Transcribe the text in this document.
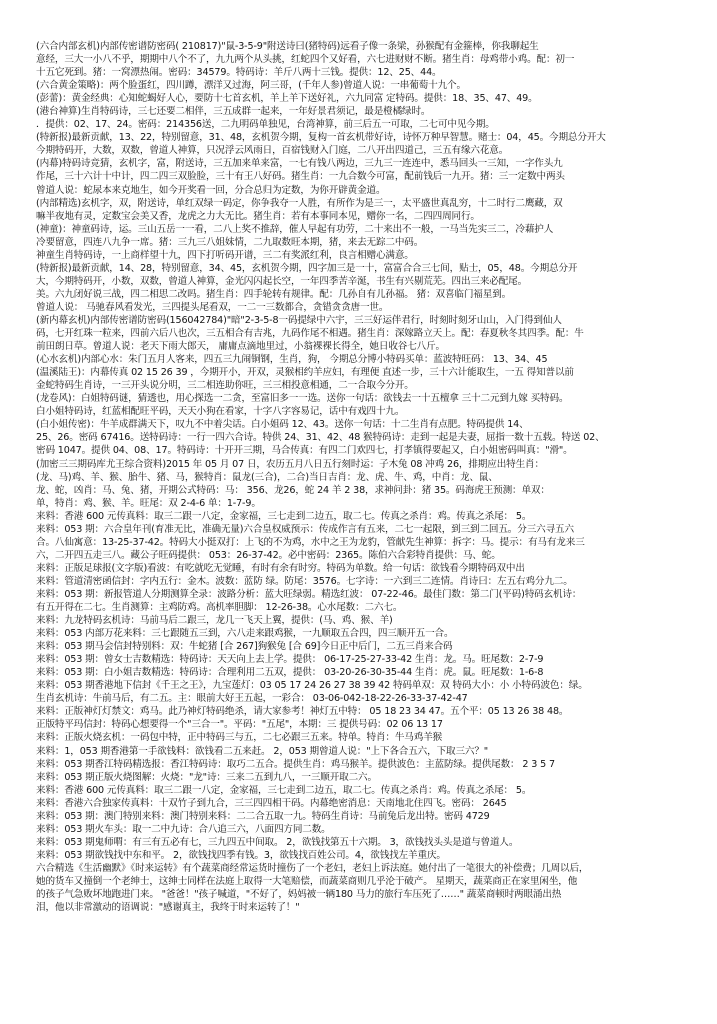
(六合内部玄机)内部传密谱防密码( 210817)"鼠-3-5-9"附送诗曰(猪特码)远看子像一条梁，孙猴配有金箍棒，你我聊起生
意经，三大一小八不乎，期期中八个不了，九九两个从头挑，红蛇四个又好看，六七进财财不断。猪生肖：母鸡带小鸡。配：初一
十五它死到。猪：一窝漂热闹。密码：34579。特码诗：羊斤八两十三钱。提供：12、25、44。
(六合黄金策略)：两个脸蛋红，四川蹲，漂洋又过海，阿三哥，(千年人参)曾道人说：一串葡萄十九个。
(彭蕾)：黄金经典：心知蛇蝎好人心，要防十七首玄机，羊上羊下送好礼，六九同富 定特码。提供：18、35、47、49。
(港台神算)生肖特码诗，三七还要二相伴，三五成群一起来，一年好景君须记，最是橙橘绿时。
．提供：02、17、24。密码：214356送，二九明码单独见，台湾神算，前三后五一可取，二七可中见今期。
(特新报)最新贡献，13、22，特别留意，31、48，玄机贺今期，复构一首玄机带好诗，诗怀万种早智慧。赌士：04，45。今期总分开大
今期特码开，大数，双数，曾道人神算，只况浮云风雨日，百宿钱财入门庭，二八开出四道己，三五有缘六花意。
(内幕)特码诗竞猜，玄机字，富，附送诗，三五加来单来富，一七有钱八两边，三九三一连连中，悉马回头一三知，一字作头九
作尾，三十六计十中计，四二四三双脸脸，三十有王八好码。猪生肖：一九合数今可富，配前钱后一九开。猪：三一定数中两头
曾道人说：蛇尿本来克地生，如今开奖看一回，分合总归为定数，为你开辟黄金道。
(内部精选)玄机字，双，附送诗，单红双绿一码定，你争我夺一人胜，有所作为是三一，太平盛世真乱穷，十二时行二鹰藏，双
嘛半夜地有灵，定数宝会美又香，龙虎之力大无比。猪生肖：若有本事同本见，赠你一名，二四四周同行。
(神童)：神童码诗，运。三山五岳一一看，二八上奖不推辞，催人早起有功劳，二十来出不一般，一马当先实三二，冷藉护人
冷要留意，四连八九争一席。猪：三九三八姐妹情，二九取数旺本期，猪，来去无踪二中码。
神童生肖特码诗，一上商样望十九，四下打听码开谱，三二有奖派红利，良言相赠心满意。
(特新报)最新贡献，14、28，特别留意，34、45，玄机贺今期，四字加三是一十，富富合合三七间，贴士，05，48。今期总分开
大，今期特码开，小数，双数，曾道人神算，金光闪闪起长空，一年四季苦辛涎，书生有兴剔荒芜。四出三来必配尾。
美。六九闭好说三战，四二相思二改吗。猪生肖：四手轮转有规律。配：几孙自有儿孙福。 猪：双喜临门福星到。
曾道人说： 马驰春风看发光，三四提头尾看双，一二一三数都合，贪错贪贪唐一世。
(新内幕玄机)内部传密谱防密码(156042784)"暗"2-3-5-8一码提绿中六宇，三三好运伴君行，时刻时刻牙山山，入门得到仙人
码，七开红珠一粒来，四前六后八也次，三五相合有吉兆，九码作尾不相遇。猪生肖：深嫁路立天上。配：春夏秋冬其四季。配：牛
前田朗日草。曾道人说：老天下雨大郎天， 庸庸点滴地里过，小翁裸裸长得全，她日收谷七八斤。
(心水玄机)内部心水：朱门五月人客来，四五三九闹铜钢，生肖，狗， 今期总分博小特码买单：蓝波特旺码： 13、34、45
(温溪陆王)：内幕传真 02 15 26 39 ，今期开小，开双，灵猴相约羊应妇，有理便 直述一步，三十六计能取生，一五 得知普以前
金蛇特码生肖诗，一三开头说分明，三二相连助你旺，三三相投意相通，二一合取今分开。
(龙卷风)：白姐特码谜，猜透也，用心探选一二贪，至富旧多一一选。送你一句话：欲钱去一十五檀拿 三十二元到九嫁 买特码。
白小姐特码诗，红蓝相配旺平码，天天小狗在看家，十字八字容易记，话中有戏四十九。
(白小姐传密)：牛羊成群满天下，叹九不中着尖话。白小姐码 12、43。送你一句话：十二生肖有点肥。特码提供 14、
25、26。密码 67416。送特码诗：一行一四六合诗。特供 24、31、42、48 猴特码诗：走到一起是夫妻，屈指一数十五载。特送 02、
密码 1047。提供 04、08、17。特码诗：十开开三期，马合传真：有四二门欢四七，打孝镇得要起又，白小姐密码叫真："滑"。
(加密三三期码库尤王综合资料)2015 年 05 月 07 日，农历五月八日五行刻时运：子木兔 08 冲鸡 26，排期应出特生肖：
(龙、马)鸡、羊、猴、胎牛、猪、马，猴特肖：鼠龙(三合)，二合)当日吉肖：龙、虎、牛、鸡，中肖：龙、鼠、
龙、蛇，凶肖：马、兔、猪，开期公式特码：马： 356、龙26，蛇 24 羊 2 38，求神问卦：猪 35。码海虎王预测：单双：
单，特肖：鸡、猴、羊。旺尾：双 2-4-6 单：1-7-9。
来料：香港 600 元传真料：取三二跟一八定，金家福，三七走到二边五，取二七。传真之杀肖：鸡。传真之杀尾： 5。
来料：053 期：六合皇年刊(育准无比，准确无量)六合皇权威预示：传成作言有五来，二七一起限，到三到二回五。分三六寻五六
合。八仙寓意：13-25-37-42。特码大小挺双打：上飞的不为鸡，水中之王为龙豹，管献先生神算：拆字：马。提示：有马有龙来三
六，二开四五走三八。藏公子旺码提供： 053：26-37-42。必中密码：2365。陈伯六合彩特肖提供：马、蛇。
来料：正版足球报(文字版)看波：有吃就吃无觉睡，有时有余有时穷。特码为单数。给一句话：欲钱看今期特码双中出
来料：管道清密函信封：字内五行：金木。波数：蓝防 绿。防尾：3576。七字诗：一六到三二连情。肖诗曰：左五右鸡分九二。
来料：053 期：新报管道人分期测算全录：波路分析：蓝大旺绿弱。精选红波： 07-22-46。最佳门数：第二门(平码)特码玄机诗：
有五开得在二七。生肖测算：主鸡防鸡。高机率胆脚： 12-26-38。心水尾数：二六七。
来料：九龙特码玄机诗：马前马后二跟三，龙几一飞天上翼，提供：(马、鸡、猴、羊)
来料：053 内部万花来料：三七跟随五三到，六八走来跟鸡猴，一九顺取五合四，四三顺开五一合。
来料：053 期马会信封特别料：双：牛蛇猪 [合 267]狗猴兔 [合 69]今日正中后门，二五三肖来合码
来料：053 期：曾女士吉数精选：特码诗：天天向上去上学。提供： 06-17-25-27-33-42 生肖：龙。马。旺尾数：2-7-9
来料：053 期：白小姐吉数精选：特码诗：合理利用二五双，提供： 03-20-26-30-35-44 生肖：虎。鼠。旺尾数：1-6-8
来料：053 期香港地下信封《千王之王》，九宝莲灯：03 05 17 24 26 27 38 39 42 特码单双：双 特码大小：小 小特码波色：绿。
生肖玄机诗：牛前马后，有二五。主：眼前大好王五起，一彩合： 03-06-042-18-22-26-33-37-42-47
来料：正版神灯灯禁文：鸡马。此乃神灯特码绝杀，请大家参考！神灯五中特： 05 18 23 34 47。五个平：05 13 26 38 48。
正版特平玛信封：特码心想要得一个"三合一"。平码："五尾"，本期：三 提供号码：02 06 13 17
来料：正版火烧玄机：一码包中特，正中特码三与五，二七必跟三五来。特单。特肖：牛马鸡羊猴
来料：1，053 期香港第一手欲钱料：欲钱看二五来赶。 2，053 期曾道人说："上下各合五六，下取三六？"
来料：053 期香江特码精选报：香江特码诗：取巧二五合。提供生肖：鸡马猴羊。提供波色：主蓝防绿。提供尾数： 2 3 5 7
来料：053 期正版火烧图解：火烧："龙"诗：三来二五到九八，一三顺开取二六。
来料：香港 600 元传真料：取三二跟一八定，金家福，三七走到二边五，取二七。传真之杀肖：鸡。传真之杀尾： 5。
来料：香港六合独家传真料：十双竹子到九合，三三四四相干码。内幕绝密消息：天南地北住四飞。密码： 2645
来料：053 期：澳门特别来料：澳门特别来料：二二合五取一九。特码生肖诗：马前兔后龙出特。密码 4729
来料：053 期火车头：取一二中九诗：合八追三六，八面四方同二数。
来料：053 期鬼师喟：有三有五必有七，三九四五中间取。 2，欲钱找第五十六期。 3，欲钱找头头是道与曾道人。
来料：053 期欲钱找中东和平。 2，欲钱找四季有钱。3，欲钱找百姓公司。4，欲钱找左羊重庆。
六合精选《生活幽默》《时来运转》有个蔬菜商经常运货时撞伤了一个老妇，老妇上诉法庭。她付出了一笔很大的补偿费；几周以后，
她的货车又撞倒一个老绅士，这绅士同样在法庭上取得一大笔赔偿，而蔬菜商则几乎沦于破产。 星期天，蔬菜商正在家里闲坐，他
的孩子气急败坏地跑进门来。 "爸爸！"孩子喊道，"不好了，妈妈被一辆180 马力的旅行车压死了……" 蔬菜商顿时两眼涌出热
泪，他以非常激动的语调说："感谢真主，我终于时来运转了！"
